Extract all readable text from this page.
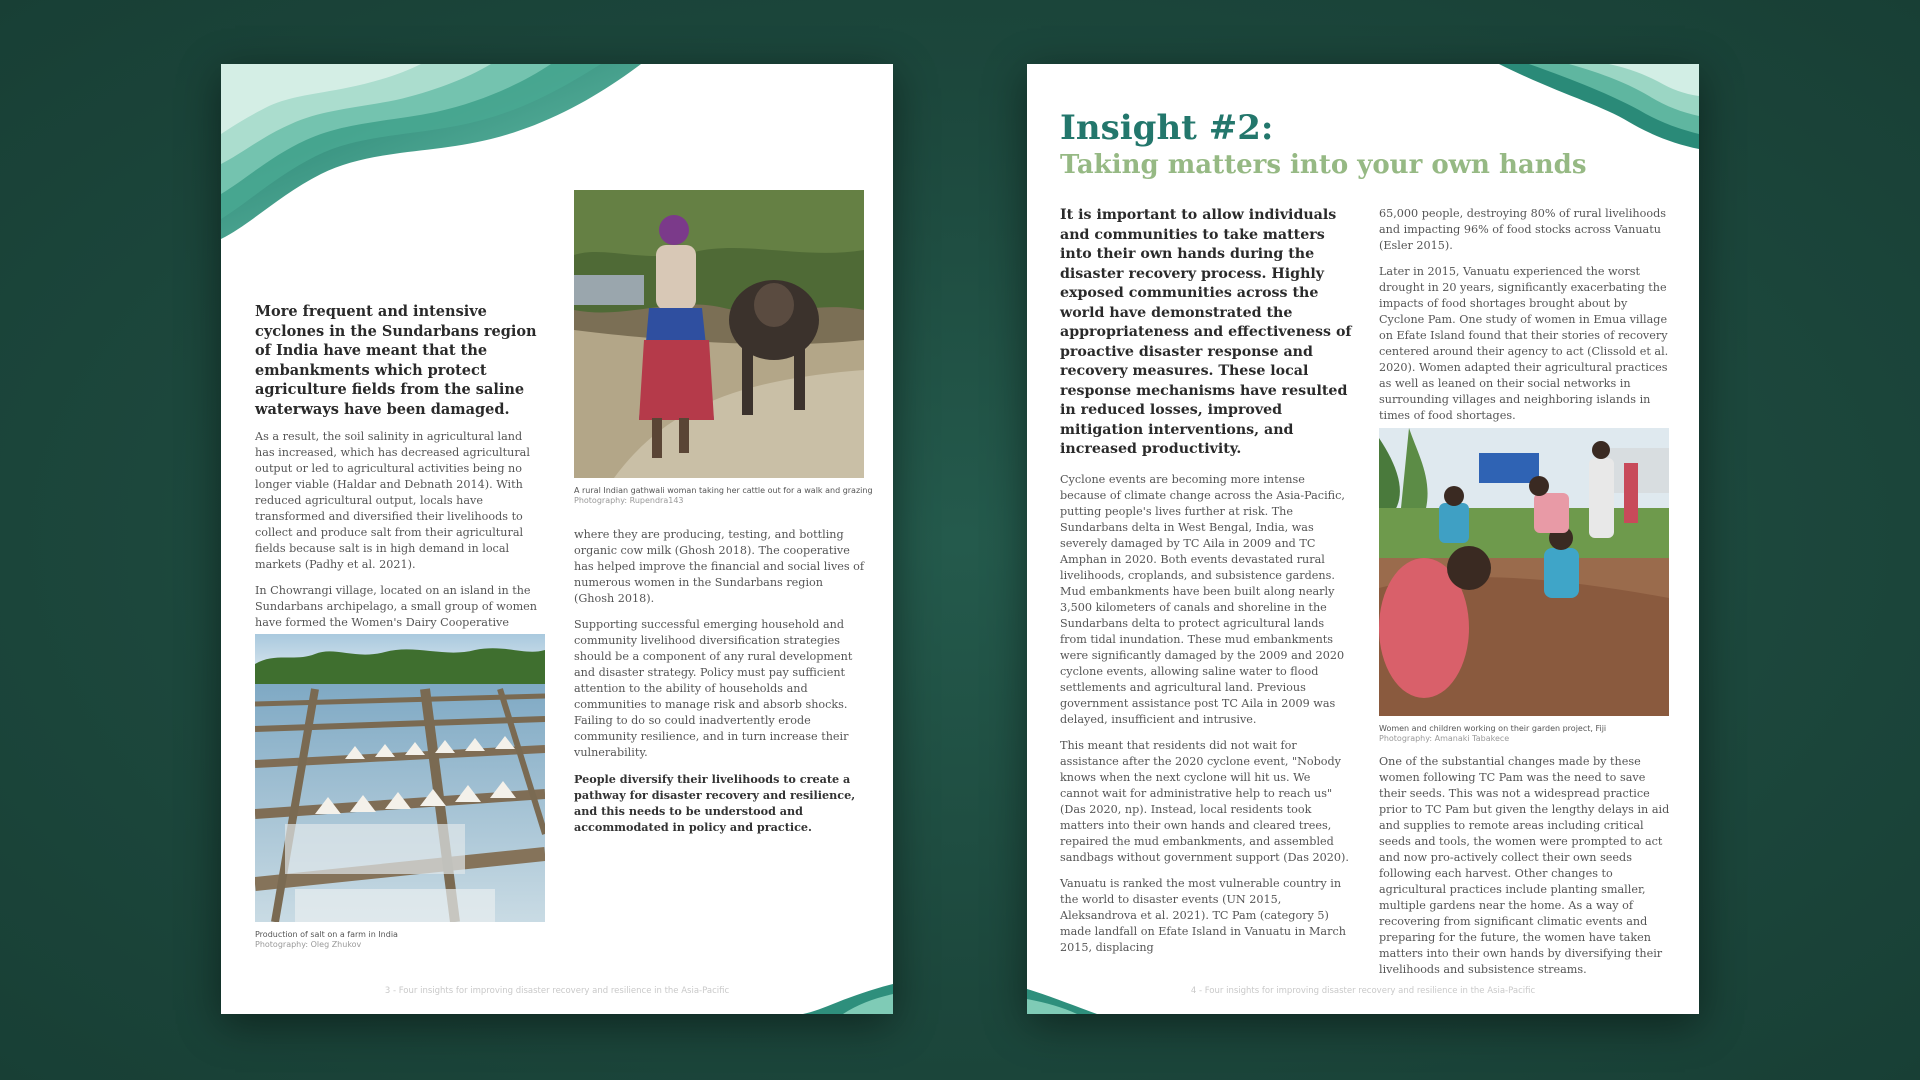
More frequent and intensive cyclones in the Sundarbans region of India have meant that the embankments which protect agriculture fields from the saline waterways have been damaged.

As a result, the soil salinity in agricultural land has increased, which has decreased agricultural output or led to agricultural activities being no longer viable (Haldar and Debnath 2014). With reduced agricultural output, locals have transformed and diversified their livelihoods to collect and produce salt from their agricultural fields because salt is in high demand in local markets (Padhy et al. 2021).

In Chowrangi village, located on an island in the Sundarbans archipelago, a small group of women have formed the Women's Dairy Cooperative

Production of salt on a farm in India
Photography: Oleg Zhukov
A rural Indian gathwali woman taking her cattle out for a walk and grazing
Photography: Rupendra143

where they are producing, testing, and bottling organic cow milk (Ghosh 2018). The cooperative has helped improve the financial and social lives of numerous women in the Sundarbans region (Ghosh 2018).

Supporting successful emerging household and community livelihood diversification strategies should be a component of any rural development and disaster strategy. Policy must pay sufficient attention to the ability of households and communities to manage risk and absorb shocks. Failing to do so could inadvertently erode community resilience, and in turn increase their vulnerability.

People diversify their livelihoods to create a pathway for disaster recovery and resilience, and this needs to be understood and accommodated in policy and practice.

3 - Four insights for improving disaster recovery and resilience in the Asia-Pacific
Insight #2:
Taking matters into your own hands

It is important to allow individuals and communities to take matters into their own hands during the disaster recovery process. Highly exposed communities across the world have demonstrated the appropriateness and effectiveness of proactive disaster response and recovery measures. These local response mechanisms have resulted in reduced losses, improved mitigation interventions, and increased productivity.

Cyclone events are becoming more intense because of climate change across the Asia-Pacific, putting people's lives further at risk. The Sundarbans delta in West Bengal, India, was severely damaged by TC Aila in 2009 and TC Amphan in 2020. Both events devastated rural livelihoods, croplands, and subsistence gardens. Mud embankments have been built along nearly 3,500 kilometers of canals and shoreline in the Sundarbans delta to protect agricultural lands from tidal inundation. These mud embankments were significantly damaged by the 2009 and 2020 cyclone events, allowing saline water to flood settlements and agricultural land. Previous government assistance post TC Aila in 2009 was delayed, insufficient and intrusive.

This meant that residents did not wait for assistance after the 2020 cyclone event, "Nobody knows when the next cyclone will hit us. We cannot wait for administrative help to reach us" (Das 2020, np). Instead, local residents took matters into their own hands and cleared trees, repaired the mud embankments, and assembled sandbags without government support (Das 2020).

Vanuatu is ranked the most vulnerable country in the world to disaster events (UN 2015, Aleksandrova et al. 2021). TC Pam (category 5) made landfall on Efate Island in Vanuatu in March 2015, displacing

65,000 people, destroying 80% of rural livelihoods and impacting 96% of food stocks across Vanuatu (Esler 2015).

Later in 2015, Vanuatu experienced the worst drought in 20 years, significantly exacerbating the impacts of food shortages brought about by Cyclone Pam. One study of women in Emua village on Efate Island found that their stories of recovery centered around their agency to act (Clissold et al. 2020). Women adapted their agricultural practices as well as leaned on their social networks in surrounding villages and neighboring islands in times of food shortages.

Women and children working on their garden project, Fiji
Photography: Amanaki Tabakece

One of the substantial changes made by these women following TC Pam was the need to save their seeds. This was not a widespread practice prior to TC Pam but given the lengthy delays in aid and supplies to remote areas including critical seeds and tools, the women were prompted to act and now pro-actively collect their own seeds following each harvest. Other changes to agricultural practices include planting smaller, multiple gardens near the home. As a way of recovering from significant climatic events and preparing for the future, the women have taken matters into their own hands by diversifying their livelihoods and subsistence streams.

4 - Four insights for improving disaster recovery and resilience in the Asia-Pacific
